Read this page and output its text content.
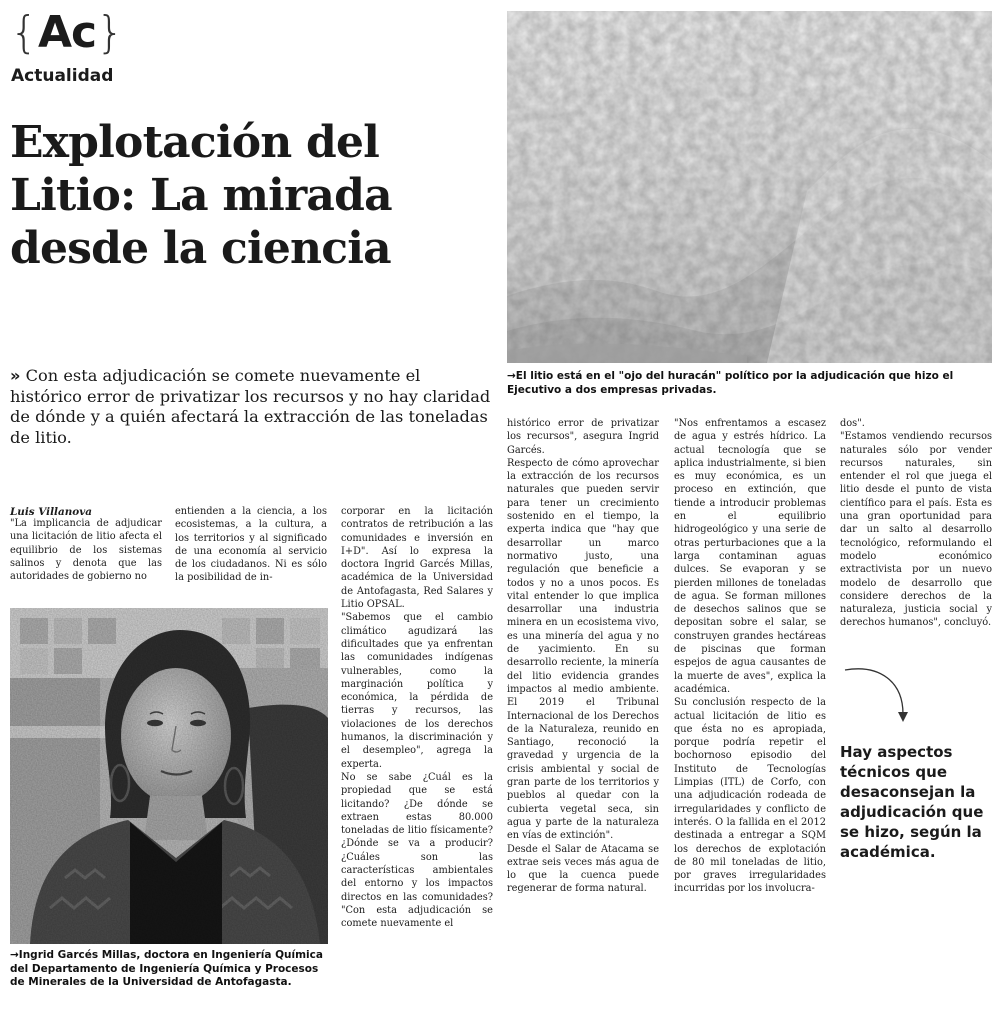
{Ac}
Actualidad
Explotación del
Litio: La mirada
desde la ciencia
→El litio está en el "ojo del huracán" político por la adjudicación que hizo el Ejecutivo a dos empresas privadas.

» Con esta adjudicación se comete nuevamente el histórico error de privatizar los recursos y no hay claridad de dónde y a quién afectará la extracción de las toneladas de litio.

Luis Villanova

"La implicancia de adjudicar una licitación de litio afecta el equilibrio de los sistemas salinos y denota que las autoridades de gobierno no

entienden a la ciencia, a los ecosistemas, a la cultura, a los territorios y al significado de una economía al servicio de los ciudadanos. Ni es sólo la posibilidad de in-

corporar en la licitación contratos de retribución a las comunidades e inversión en I+D". Así lo expresa la doctora Ingrid Garcés Millas, académica de la Universidad de Antofagasta, Red Salares y Litio OPSAL.

"Sabemos que el cambio climático agudizará las dificultades que ya enfrentan las comunidades indígenas vulnerables, como la marginación política y económica, la pérdida de tierras y recursos, las violaciones de los derechos humanos, la discriminación y el desempleo", agrega la experta.

No se sabe ¿Cuál es la propiedad que se está licitando? ¿De dónde se extraen estas 80.000 toneladas de litio físicamente? ¿Dónde se va a producir? ¿Cuáles son las características ambientales del entorno y los impactos directos en las comunidades? "Con esta adjudicación se comete nuevamente el

histórico error de privatizar los recursos", asegura Ingrid Garcés.

Respecto de cómo aprovechar la extracción de los recursos naturales que pueden servir para tener un crecimiento sostenido en el tiempo, la experta indica que "hay que desarrollar un marco normativo justo, una regulación que beneficie a todos y no a unos pocos. Es vital entender lo que implica desarrollar una industria minera en un ecosistema vivo, es una minería del agua y no de yacimiento. En su desarrollo reciente, la minería del litio evidencia grandes impactos al medio ambiente. El 2019 el Tribunal Internacional de los Derechos de la Naturaleza, reunido en Santiago, reconoció la gravedad y urgencia de la crisis ambiental y social de gran parte de los territorios y pueblos al quedar con la cubierta vegetal seca, sin agua y parte de la naturaleza en vías de extinción".

Desde el Salar de Atacama se extrae seis veces más agua de lo que la cuenca puede regenerar de forma natural.

"Nos enfrentamos a escasez de agua y estrés hídrico. La actual tecnología que se aplica industrialmente, si bien es muy económica, es un proceso en extinción, que tiende a introducir problemas en el equilibrio hidrogeológico y una serie de otras perturbaciones que a la larga contaminan aguas dulces. Se evaporan y se pierden millones de toneladas de agua. Se forman millones de desechos salinos que se depositan sobre el salar, se construyen grandes hectáreas de piscinas que forman espejos de agua causantes de la muerte de aves", explica la académica.

Su conclusión respecto de la actual licitación de litio es que ésta no es apropiada, porque podría repetir el bochornoso episodio del Instituto de Tecnologías Limpias (ITL) de Corfo, con una adjudicación rodeada de irregularidades y conflicto de interés. O la fallida en el 2012 destinada a entregar a SQM los derechos de explotación de 80 mil toneladas de litio, por graves irregularidades incurridas por los involucra-

dos".

"Estamos vendiendo recursos naturales sólo por vender recursos naturales, sin entender el rol que juega el litio desde el punto de vista científico para el país. Esta es una gran oportunidad para dar un salto al desarrollo tecnológico, reformulando el modelo económico extractivista por un nuevo modelo de desarrollo que considere derechos de la naturaleza, justicia social y derechos humanos", concluyó.

→Ingrid Garcés Millas, doctora en Ingeniería Química del Departamento de Ingeniería Química y Procesos de Minerales de la Universidad de Antofagasta.
Hay aspectos técnicos que desaconsejan la adjudicación que se hizo, según la académica.
